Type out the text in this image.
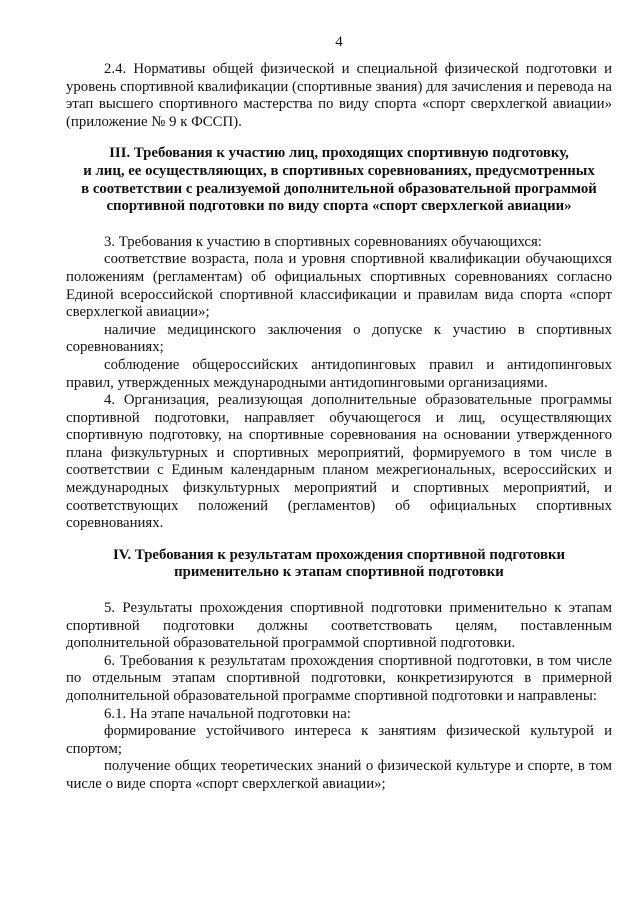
4

2.4. Нормативы общей физической и специальной физической подготовки и уровень спортивной квалификации (спортивные звания) для зачисления и перевода на этап высшего спортивного мастерства по виду спорта «спорт сверхлегкой авиации» (приложение № 9 к ФССП).

III. Требования к участию лиц, проходящих спортивную подготовку,
и лиц, ее осуществляющих, в спортивных соревнованиях, предусмотренных
в соответствии с реализуемой дополнительной образовательной программой
спортивной подготовки по виду спорта «спорт сверхлегкой авиации»

3. Требования к участию в спортивных соревнованиях обучающихся:

соответствие возраста, пола и уровня спортивной квалификации обучающихся положениям (регламентам) об официальных спортивных соревнованиях согласно Единой всероссийской спортивной классификации и правилам вида спорта «спорт сверхлегкой авиации»;

наличие медицинского заключения о допуске к участию в спортивных соревнованиях;

соблюдение общероссийских антидопинговых правил и антидопинговых правил, утвержденных международными антидопинговыми организациями.

4. Организация, реализующая дополнительные образовательные программы спортивной подготовки, направляет обучающегося и лиц, осуществляющих спортивную подготовку, на спортивные соревнования на основании утвержденного плана физкультурных и спортивных мероприятий, формируемого в том числе в соответствии с Единым календарным планом межрегиональных, всероссийских и международных физкультурных мероприятий и спортивных мероприятий, и соответствующих положений (регламентов) об официальных спортивных соревнованиях.

IV. Требования к результатам прохождения спортивной подготовки
применительно к этапам спортивной подготовки

5. Результаты прохождения спортивной подготовки применительно к этапам спортивной подготовки должны соответствовать целям, поставленным дополнительной образовательной программой спортивной подготовки.

6. Требования к результатам прохождения спортивной подготовки, в том числе по отдельным этапам спортивной подготовки, конкретизируются в примерной дополнительной образовательной программе спортивной подготовки и направлены:

6.1. На этапе начальной подготовки на:

формирование устойчивого интереса к занятиям физической культурой и спортом;

получение общих теоретических знаний о физической культуре и спорте, в том числе о виде спорта «спорт сверхлегкой авиации»;
